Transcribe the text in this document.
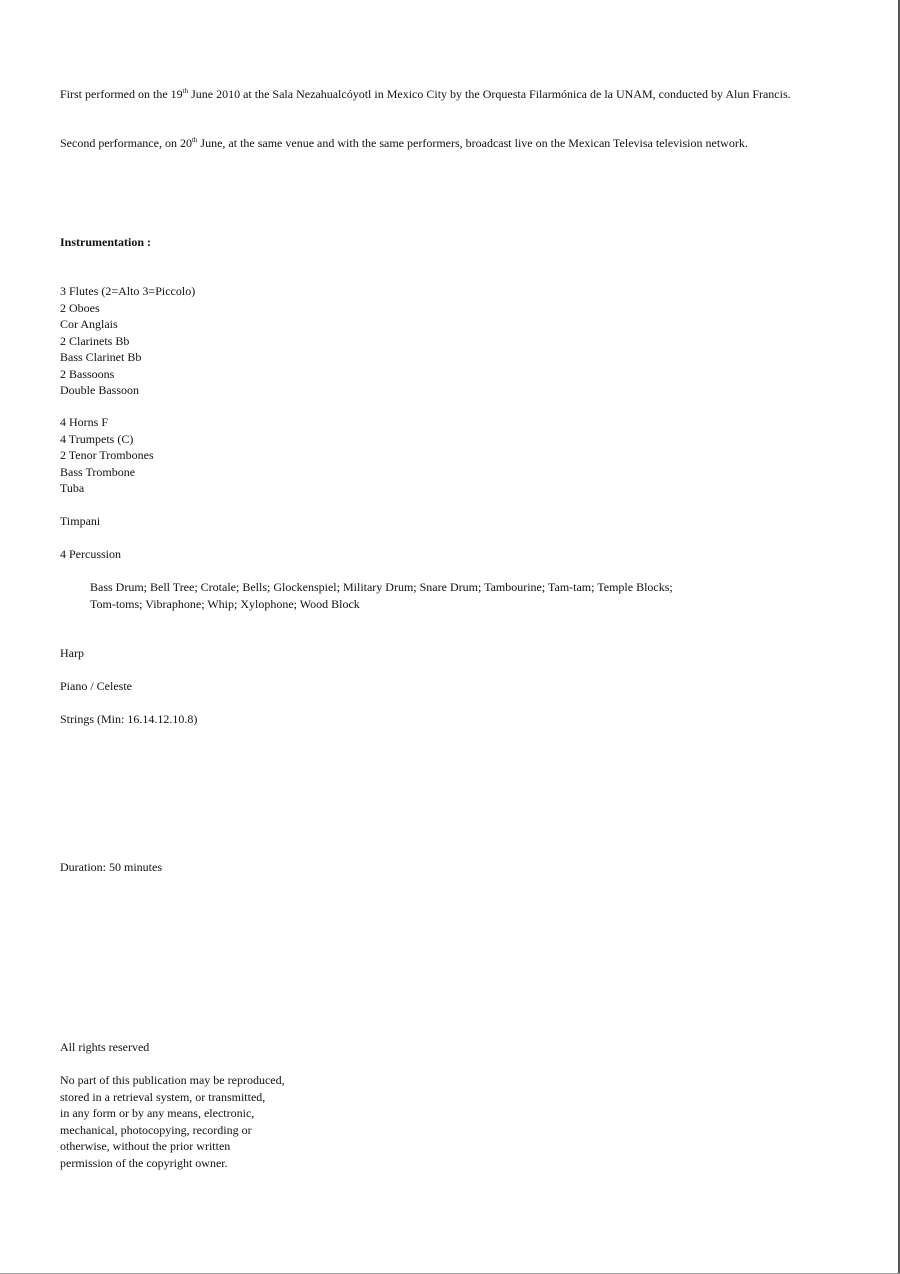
First performed on the 19th June 2010 at the Sala Nezahualcóyotl in Mexico City by the Orquesta Filarmónica de la UNAM, conducted by Alun Francis.

Second performance, on 20th June, at the same venue and with the same performers, broadcast live on the Mexican Televisa television network.

Instrumentation :
3 Flutes (2=Alto 3=Piccolo)
2 Oboes
Cor Anglais
2 Clarinets Bb
Bass Clarinet Bb
2 Bassoons
Double Bassoon
4 Horns F
4 Trumpets (C)
2 Tenor Trombones
Bass Trombone
Tuba
Timpani
4 Percussion
Bass Drum; Bell Tree; Crotale; Bells; Glockenspiel; Military Drum; Snare Drum; Tambourine; Tam-tam; Temple Blocks;
Tom-toms; Vibraphone; Whip; Xylophone; Wood Block
Harp
Piano / Celeste
Strings (Min: 16.14.12.10.8)
Duration: 50 minutes
All rights reserved
No part of this publication may be reproduced,
stored in a retrieval system, or transmitted,
in any form or by any means, electronic,
mechanical, photocopying, recording or
otherwise, without the prior written
permission of the copyright owner.
